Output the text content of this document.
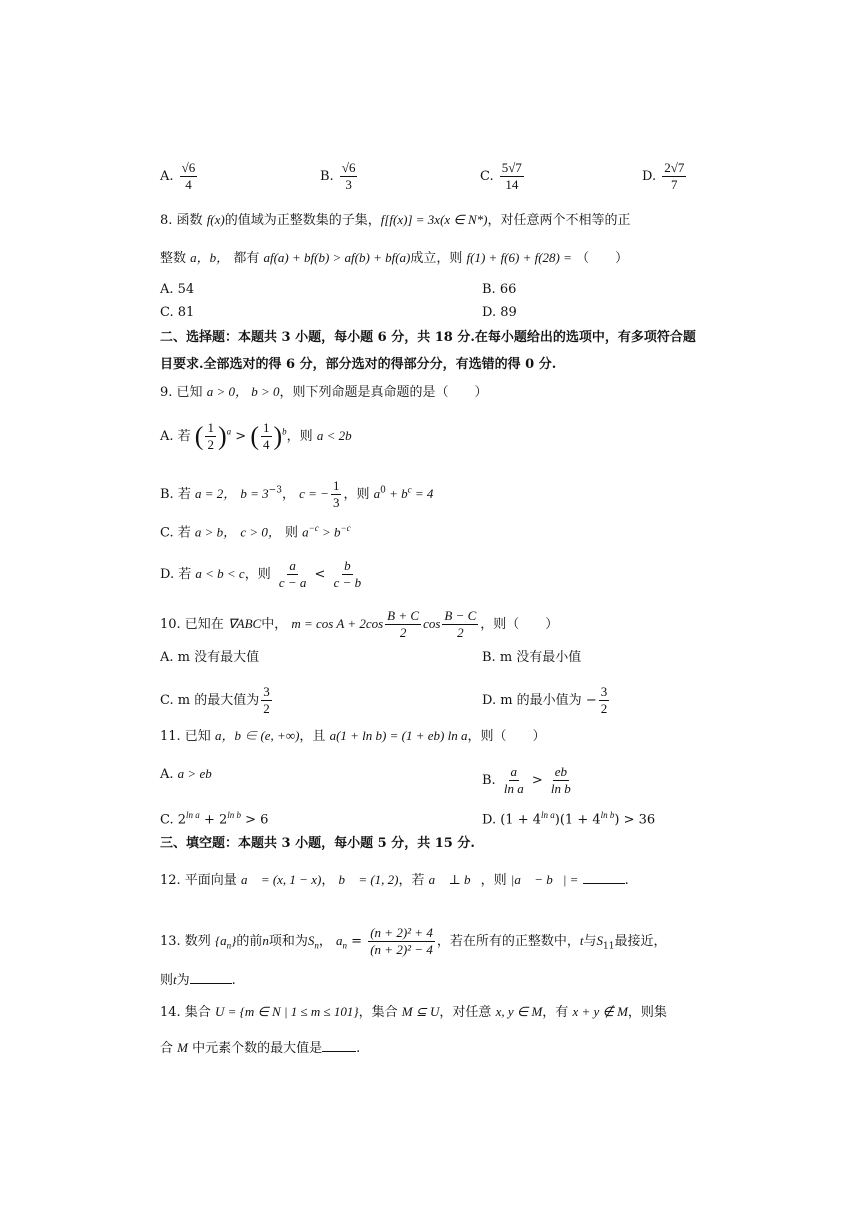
A. $\frac{√6}{4}$	B. $\frac{√6}{3}$	C. $\frac{5√7}{14}$	D. $\frac{2√7}{7}$
8. 函数 f(x)的值域为正整数集的子集，f[f(x)] = 3x(x ∈ N*)，对任意两个不相等的正
整数 a，b， 都有 af(a) + bf(b) > af(b) + bf(a)成立，则 f(1) + f(6) + f(28) = （　　）
A. 54	B. 66
C. 81	D. 89
二、选择题：本题共 3 小题，每小题 6 分，共 18 分.在每小题给出的选项中，有多项符合题
目要求.全部选对的得 6 分，部分选对的得部分分，有选错的得 0 分.
9. 已知 a > 0， b > 0，则下列命题是真命题的是（　　）
A. 若 ( $\frac{1}{2} )^a$ > ( $\frac{1}{4} )^b$，则 a < 2b
B. 若 a = 2， $b = 3^{-3}$， c = − $\frac{1}{3}$ ，则 $a^0 + b^c = 4$
C. 若 a > b， c > 0， 则 $a^{-c} > b^{-c}$
D. 若 a < b < c，则 $\frac{a}{c - a} < \frac{b}{c - b}$
10. 已知在 ∇ABC中， $m = \cos A + 2\cos \frac{B + C}{2}$ $\cos \frac{B - C}{2}$ ，则（　　）
A. m 没有最大值	B. m 没有最小值
C. m 的最大值为 $\frac{3}{2}$	D. m 的最小值为 − $\frac{3}{2}$
11. 已知 a，b ∈ (e, +∞)，且 a(1 + ln b) = (1 + eb) ln a，则（　　）
A. a > eb	B. $\frac{a}{\text{ln a}} > \frac{eb}{\text{ln b}}$
C. $2^{ln a} + 2^{ln b} > 6$	D. $(1 + 4^{ln a})(1 + 4^{ln b}) > 36$
三、填空题：本题共 3 小题，每小题 5 分，共 15 分.
12. 平面向量 a⃗ = (x, 1 − x)， b⃗ = (1, 2)，若 a⃗ ⊥ b⃗，则 |a⃗ − b⃗| =	.
13. 数列 $\{a_n\}$的前n项和为$S_n$， $a_n = \frac{\text{(n + 2)² + 4}}{\text{(n + 2)² − 4}}$ ，若在所有的正整数中，t与$S_{11}$最接近，
则t为	.
14. 集合 U = {m ∈ N | 1 ≤ m ≤ 101}，集合 M ⊆ U，对任意 x, y ∈ M，有 x + y ∉ M，则集
合 M 中元素个数的最大值是	.
